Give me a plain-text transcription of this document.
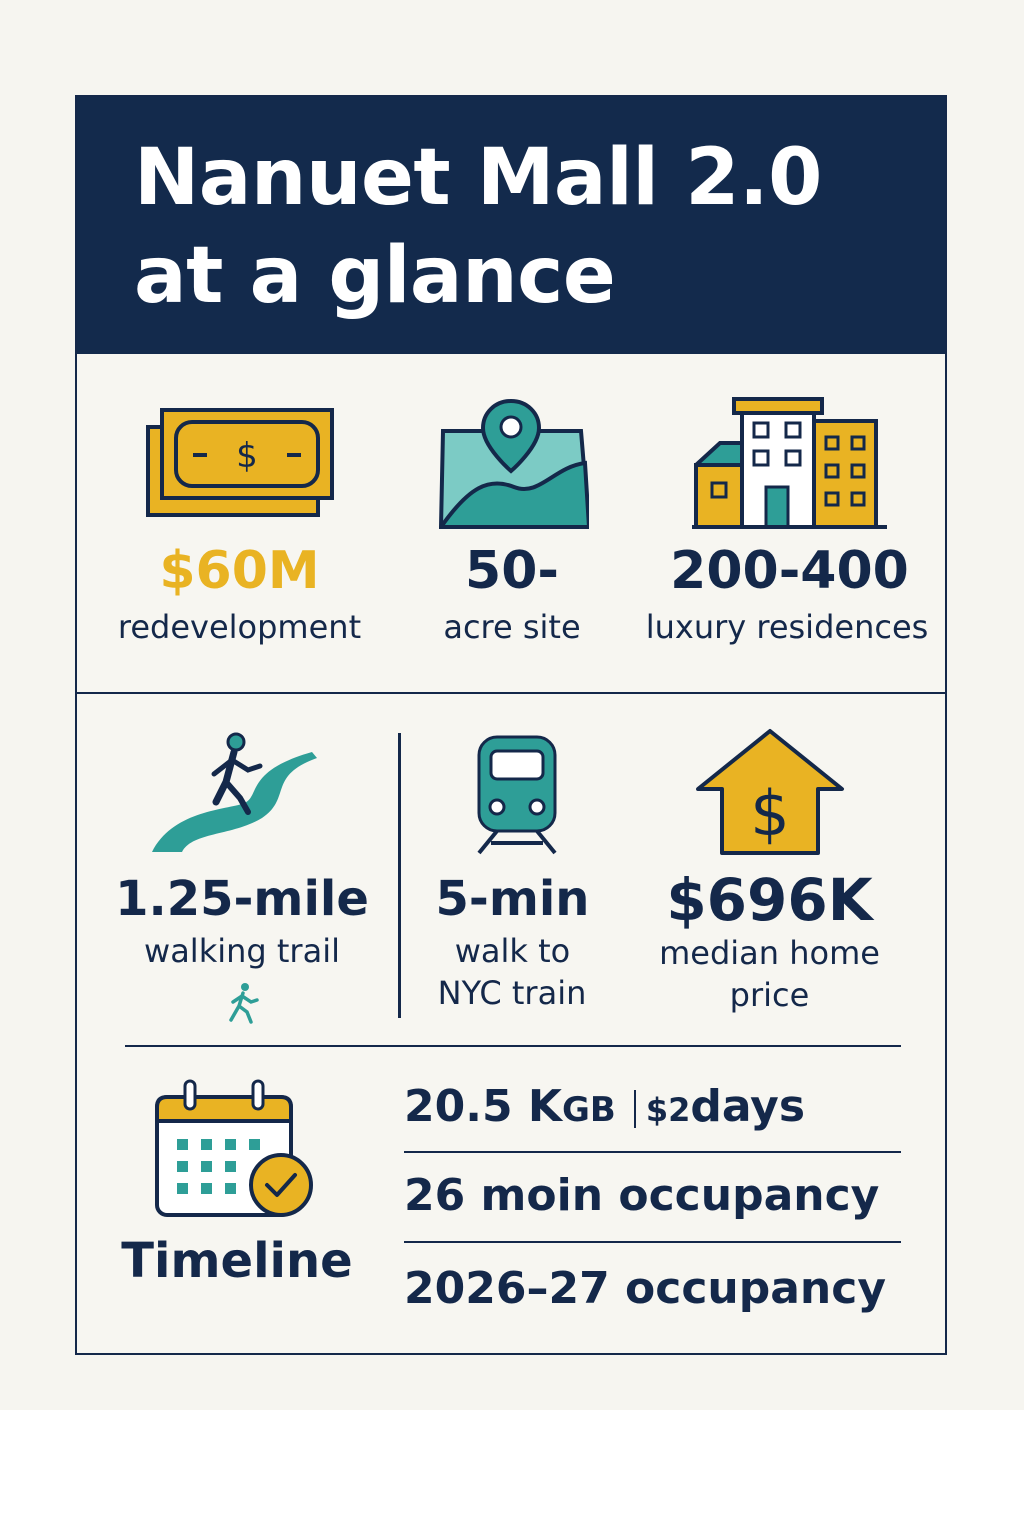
Nanuet Mall 2.0
at a glance
$
$60M
redevelopment
50-
acre site
200-400
luxury residences
1.25-mile
walking trail
5-min
walk to
NYC train
$
$696K
median home
price
Timeline
20.5 KGB $2days
26 moin occupancy
2026–27 occupancy
